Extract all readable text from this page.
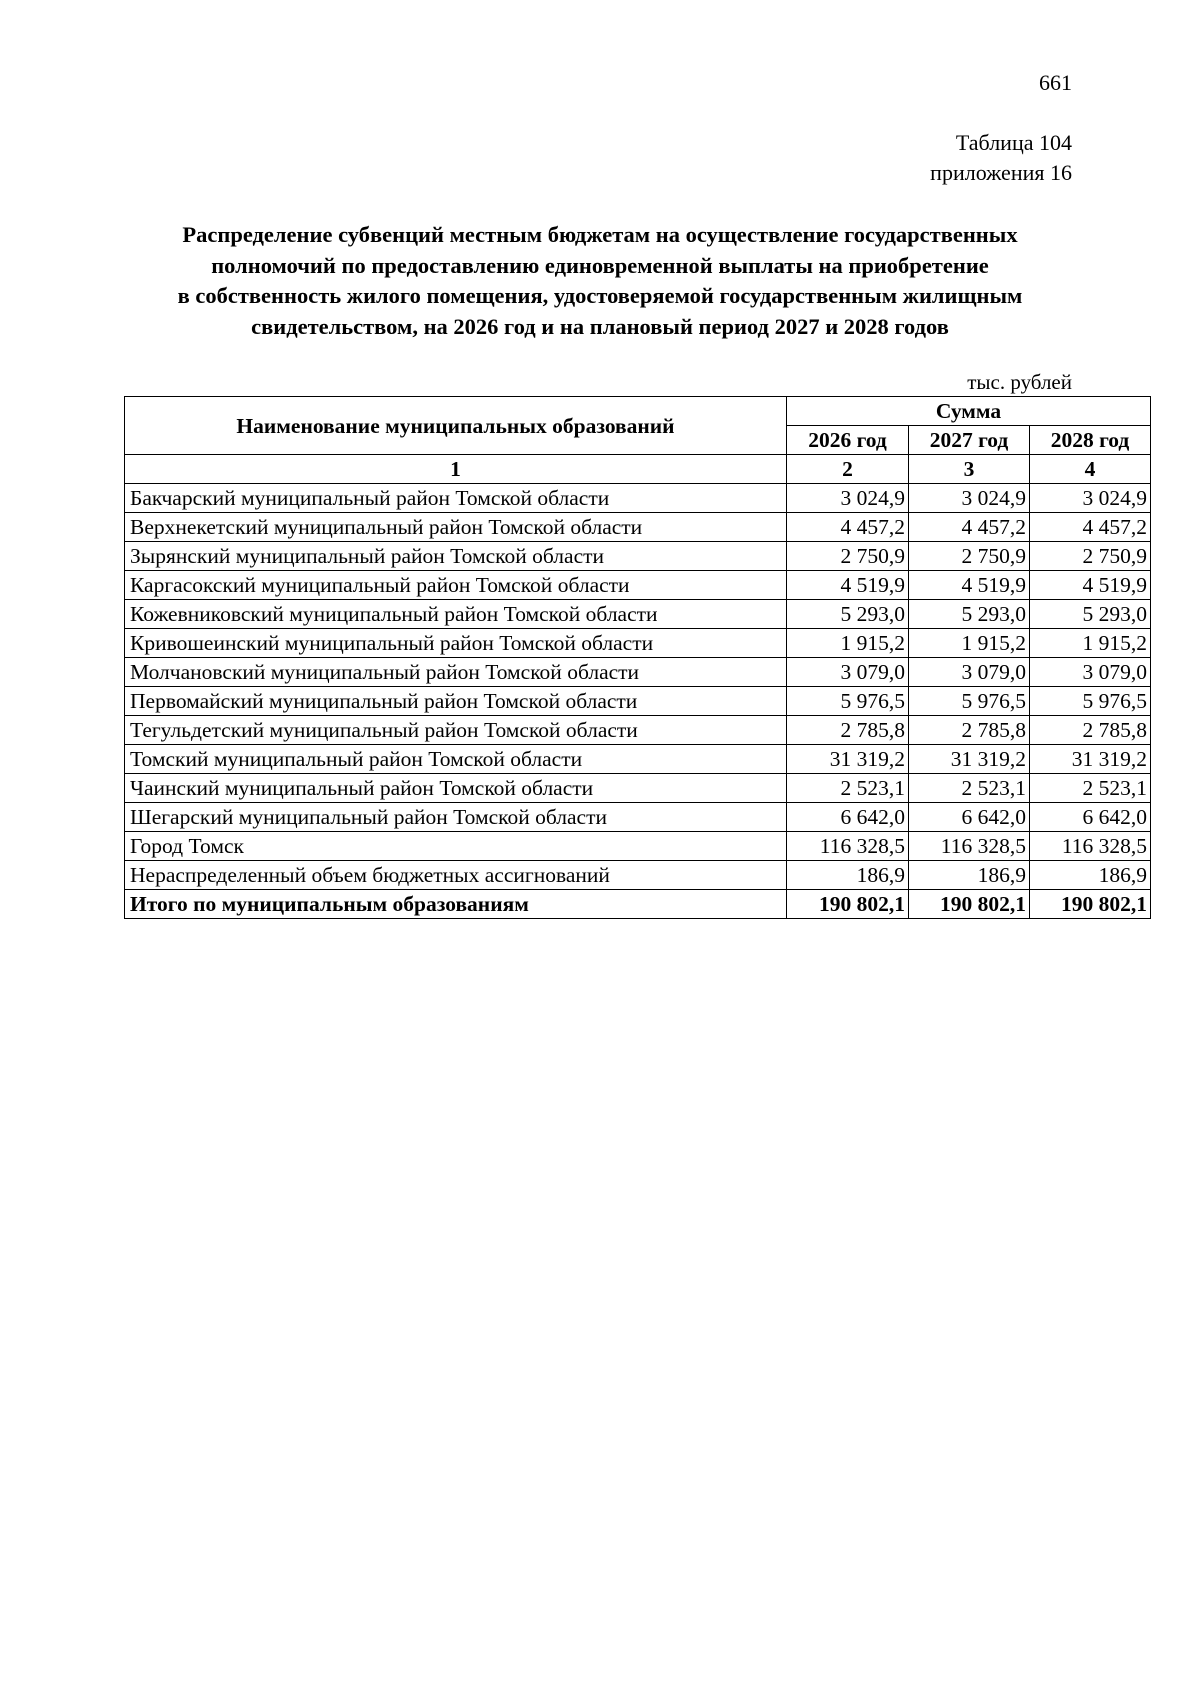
661
Таблица 104
приложения 16
Распределение субвенций местным бюджетам на осуществление государственных
полномочий по предоставлению единовременной выплаты на приобретение
в собственность жилого помещения, удостоверяемой государственным жилищным
свидетельством, на 2026 год и на плановый период 2027 и 2028 годов
тыс. рублей
Наименование муниципальных образований	Сумма		
	2026 год	2027 год	2028 год
1	2	3	4
Бакчарский муниципальный район Томской области	3 024,9	3 024,9	3 024,9
Верхнекетский муниципальный район Томской области	4 457,2	4 457,2	4 457,2
Зырянский муниципальный район Томской области	2 750,9	2 750,9	2 750,9
Каргасокский муниципальный район Томской области	4 519,9	4 519,9	4 519,9
Кожевниковский муниципальный район Томской области	5 293,0	5 293,0	5 293,0
Кривошеинский муниципальный район Томской области	1 915,2	1 915,2	1 915,2
Молчановский муниципальный район Томской области	3 079,0	3 079,0	3 079,0
Первомайский муниципальный район Томской области	5 976,5	5 976,5	5 976,5
Тегульдетский муниципальный район Томской области	2 785,8	2 785,8	2 785,8
Томский муниципальный район Томской области	31 319,2	31 319,2	31 319,2
Чаинский муниципальный район Томской области	2 523,1	2 523,1	2 523,1
Шегарский муниципальный район Томской области	6 642,0	6 642,0	6 642,0
Город Томск	116 328,5	116 328,5	116 328,5
Нераспределенный объем бюджетных ассигнований	186,9	186,9	186,9
Итого по муниципальным образованиям	190 802,1	190 802,1	190 802,1
